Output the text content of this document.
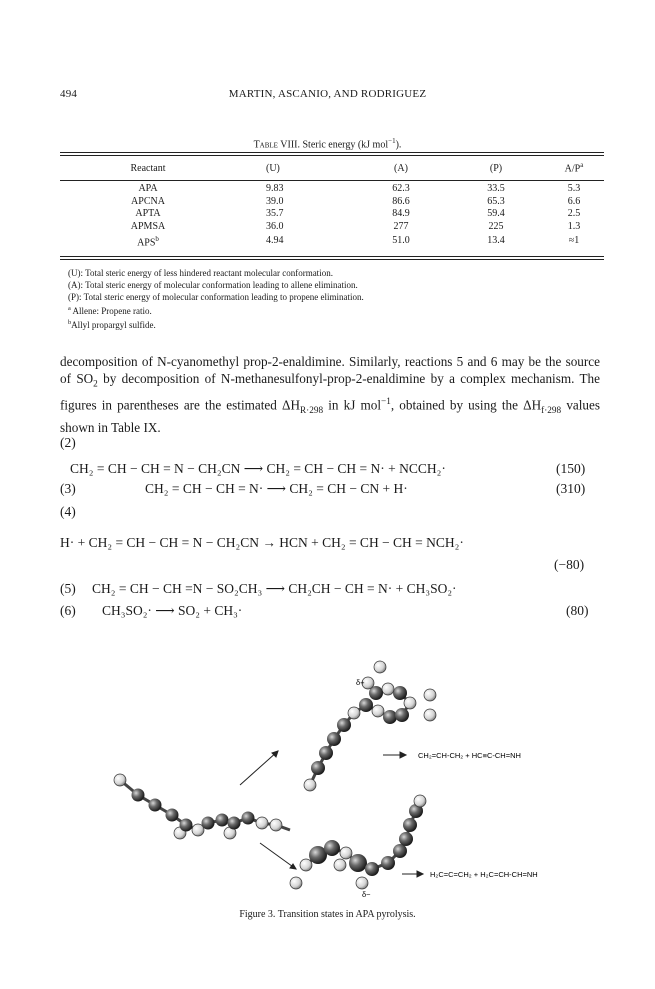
494	MARTIN, ASCANIO, AND RODRIGUEZ
Table VIII. Steric energy (kJ mol$^{-1}$).
Reactant	(U)	(A)	(P)	$A/P^a$

APA	9.83	62.3	33.5	5.3
APCNA	39.0	86.6	65.3	6.6
APTA	35.7	84.9	59.4	2.5
APMSA	36.0	277	225	1.3
APS$^b$	4.94	51.0	13.4	≈1
(U): Total steric energy of less hindered reactant molecular conformation.
(A): Total steric energy of molecular conformation leading to allene elimination.
(P): Total steric energy of molecular conformation leading to propene elimination.
$^a$ Allene: Propene ratio.
$^b$Allyl propargyl sulfide.
decomposition of N-cyanomethyl prop-2-enaldimine. Similarly, reactions 5 and 6 may be the source of $SO_2$ by decomposition of N-methanesulfonyl-prop-2-enaldimine by a complex mechanism. The figures in parentheses are the estimated $\Delta H_{R\cdot 298}$ in kJ mol$^{-1}$, obtained by using the $\Delta H_{f\cdot 298}$ values shown in Table IX.
(2)
CH₂ = CH − CH = N − CH₂CN ⟶ CH₂ = CH − CH = N· + NCCH₂·	(150)
(3)	CH₂ = CH − CH = N· ⟶ CH₂ = CH − CN + H·	(310)
(4)
H· + CH₂ = CH − CH = N − CH₂CN → HCN + CH₂ = CH − CH = NCH₂·
(−80)
(5) CH₂ = CH − CH =N − SO₂CH₃ ⟶ CH₂CH − CH = N· + CH₃SO₂·
(6) CH₃SO₂· ⟶ SO₂ + CH₃·	(80)
δ+
CH₂=CH-CH₂ + HC≡C-CH=NH
δ−
H₂C=C=CH₂ + H₂C=CH-CH=NH
Figure 3. Transition states in APA pyrolysis.
